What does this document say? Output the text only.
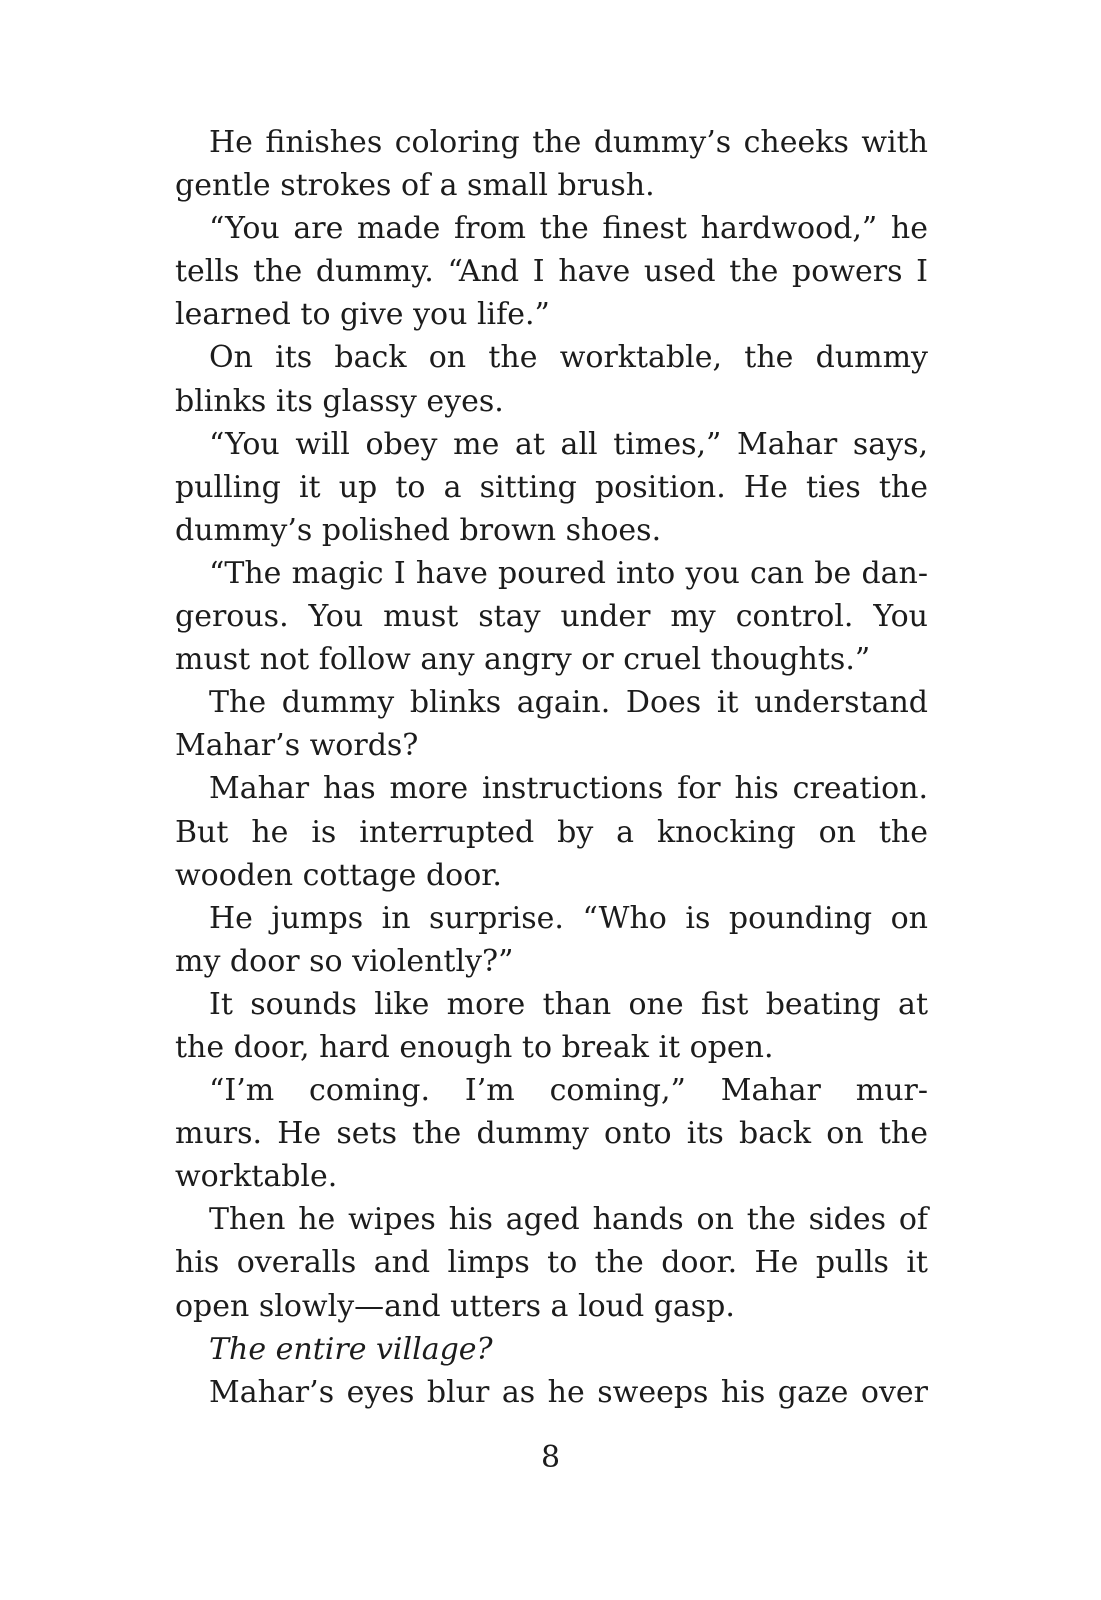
He finishes coloring the dummy’s cheeks with
gentle strokes of a small brush.
“You are made from the finest hardwood,” he
tells the dummy. “And I have used the powers I
learned to give you life.”
On its back on the worktable, the dummy
blinks its glassy eyes.
“You will obey me at all times,” Mahar says,
pulling it up to a sitting position. He ties the
dummy’s polished brown shoes.
“The magic I have poured into you can be dan-
gerous. You must stay under my control. You
must not follow any angry or cruel thoughts.”
The dummy blinks again. Does it understand
Mahar’s words?
Mahar has more instructions for his creation.
But he is interrupted by a knocking on the
wooden cottage door.
He jumps in surprise. “Who is pounding on
my door so violently?”
It sounds like more than one fist beating at
the door, hard enough to break it open.
“I’m coming. I’m coming,” Mahar mur-
murs. He sets the dummy onto its back on the
worktable.
Then he wipes his aged hands on the sides of
his overalls and limps to the door. He pulls it
open slowly—and utters a loud gasp.
The entire village?
Mahar’s eyes blur as he sweeps his gaze over
8
